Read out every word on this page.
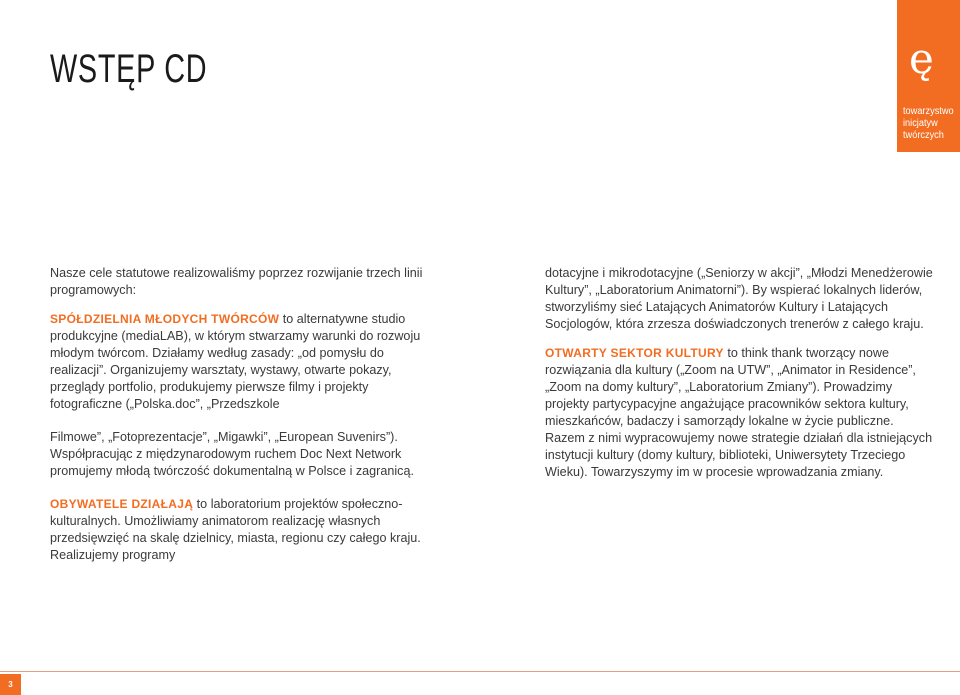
WSTĘP CD	ę
towarzystwo
inicjatyw
twórczych

Nasze cele statutowe realizowaliśmy poprzez rozwijanie trzech linii programowych:

SPÓŁDZIELNIA MŁODYCH TWÓRCÓW to alternatywne studio produkcyjne (mediaLAB), w którym stwarzamy warunki do rozwoju młodym twórcom. Działamy według zasady: „od pomysłu do realizacji”. Organizujemy warsztaty, wystawy, otwarte pokazy, przeglądy portfolio, produkujemy pierwsze filmy i projekty fotograficzne („Polska.doc”, „Przedszkole

Filmowe”, „Fotoprezentacje”, „Migawki”, „European Suvenirs”). Współpracując z międzynarodowym ruchem Doc Next Network promujemy młodą twórczość dokumentalną w Polsce i zagranicą.

OBYWATELE DZIAŁAJĄ to laboratorium projektów społeczno-kulturalnych. Umożliwiamy animatorom realizację własnych przedsięwzięć na skalę dzielnicy, miasta, regionu czy całego kraju. Realizujemy programy

dotacyjne i mikrodotacyjne („Seniorzy w akcji”, „Młodzi Menedżerowie Kultury”, „Laboratorium Animatorni”). By wspierać lokalnych liderów, stworzyliśmy sieć Latających Animatorów Kultury i Latających Socjologów, która zrzesza doświadczonych trenerów z całego kraju.

OTWARTY SEKTOR KULTURY to think thank tworzący nowe rozwiązania dla kultury („Zoom na UTW”, „Animator in Residence”, „Zoom na domy kultury”, „Laboratorium Zmiany”). Prowadzimy projekty partycypacyjne angażujące pracowników sektora kultury, mieszkańców, badaczy i samorządy lokalne w życie publiczne. Razem z nimi wypracowujemy nowe strategie działań dla istniejących instytucji kultury (domy kultury, biblioteki, Uniwersytety Trzeciego Wieku). Towarzyszymy im w procesie wprowadzania zmiany.

3
